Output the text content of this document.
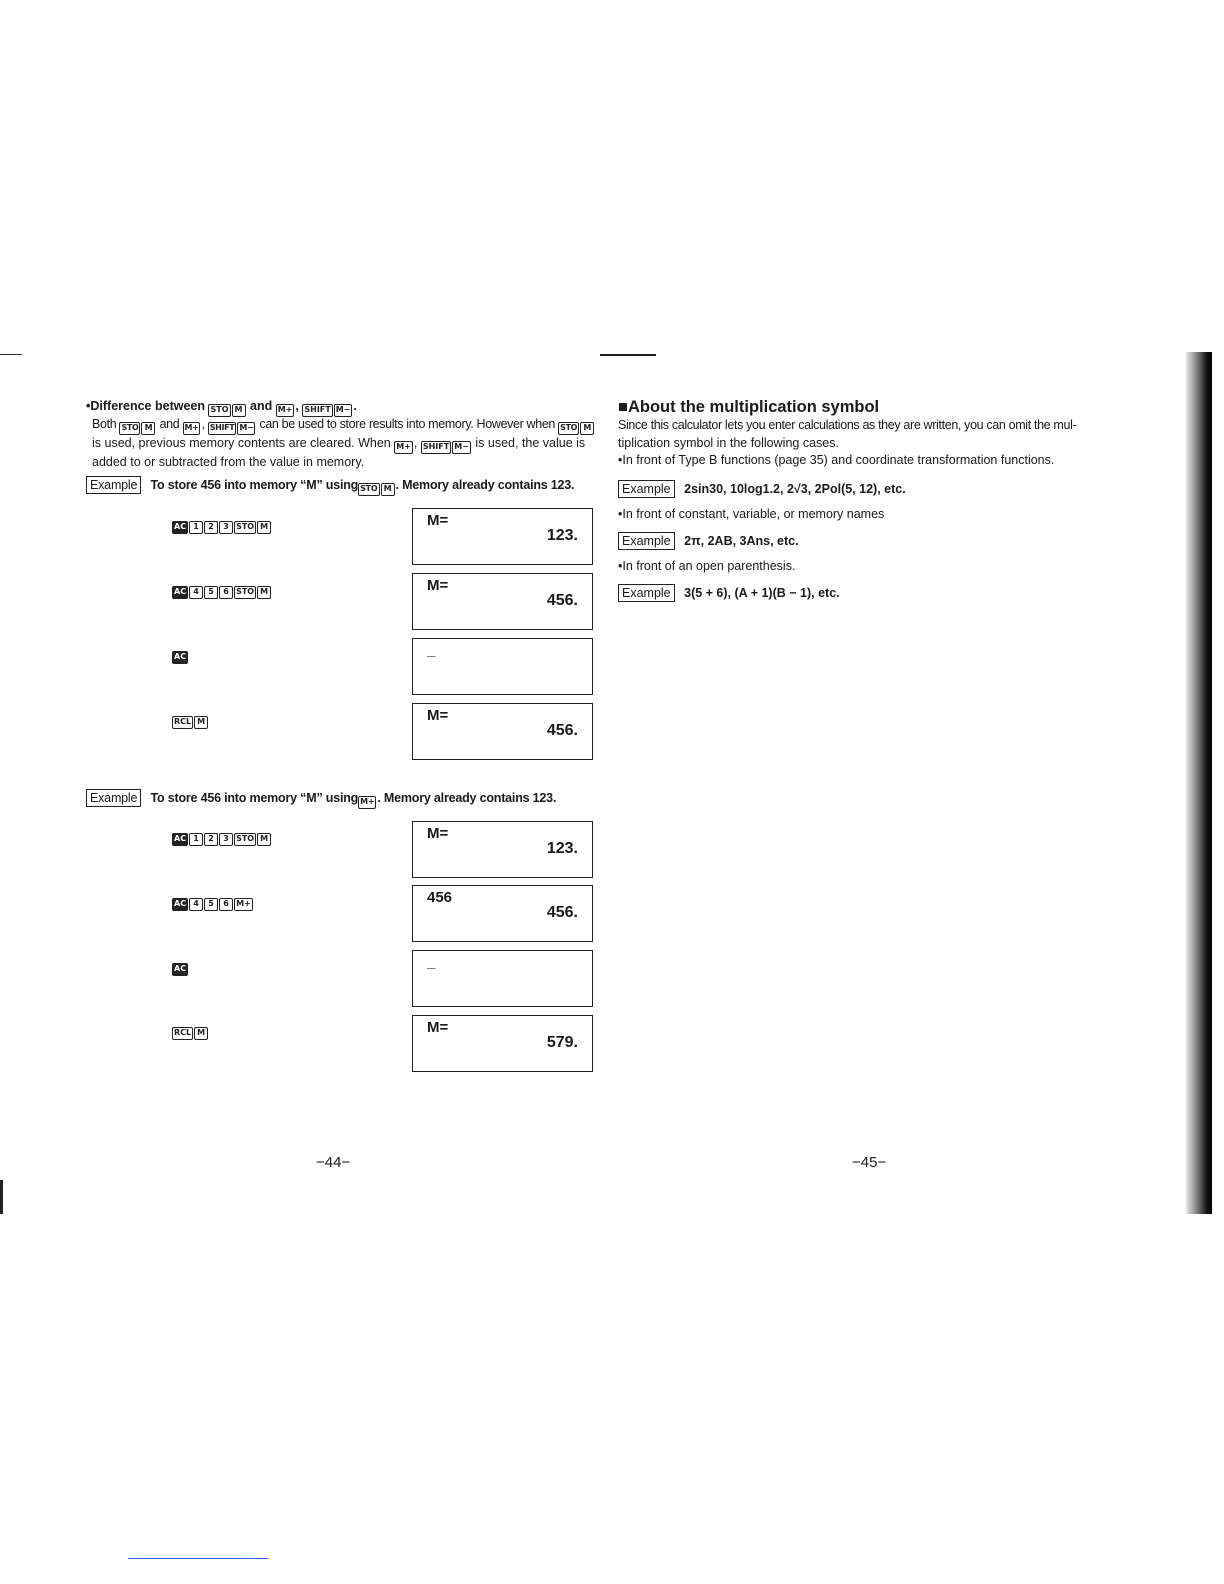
•Difference between STO M and M+ , SHIFT M− .
Both STO M and M+ , SHIFT M− can be used to store results into memory. However when STO M
is used, previous memory contents are cleared. When M+ , SHIFT M− is used, the value is
added to or subtracted from the value in memory.
Example To store 456 into memory “M” using STO M . Memory already contains 123.
AC 1 2 3 STO M	M=
123.
AC 4 5 6 STO M	M=
456.
AC	_
RCL M	M=
456.
Example To store 456 into memory “M” using M+ . Memory already contains 123.
AC 1 2 3 STO M	M=
123.
AC 4 5 6 M+	456
456.
AC	_
RCL M	M=
579.
−44−
■About the multiplication symbol
Since this calculator lets you enter calculations as they are written, you can omit the mul-
tiplication symbol in the following cases.
•In front of Type B functions (page 35) and coordinate transformation functions.
Example 2sin30, 10log1.2, 2√3, 2Pol(5, 12), etc.
•In front of constant, variable, or memory names
Example 2π, 2AB, 3Ans, etc.
•In front of an open parenthesis.
Example 3(5 + 6), (A + 1)(B − 1), etc.
−45−
